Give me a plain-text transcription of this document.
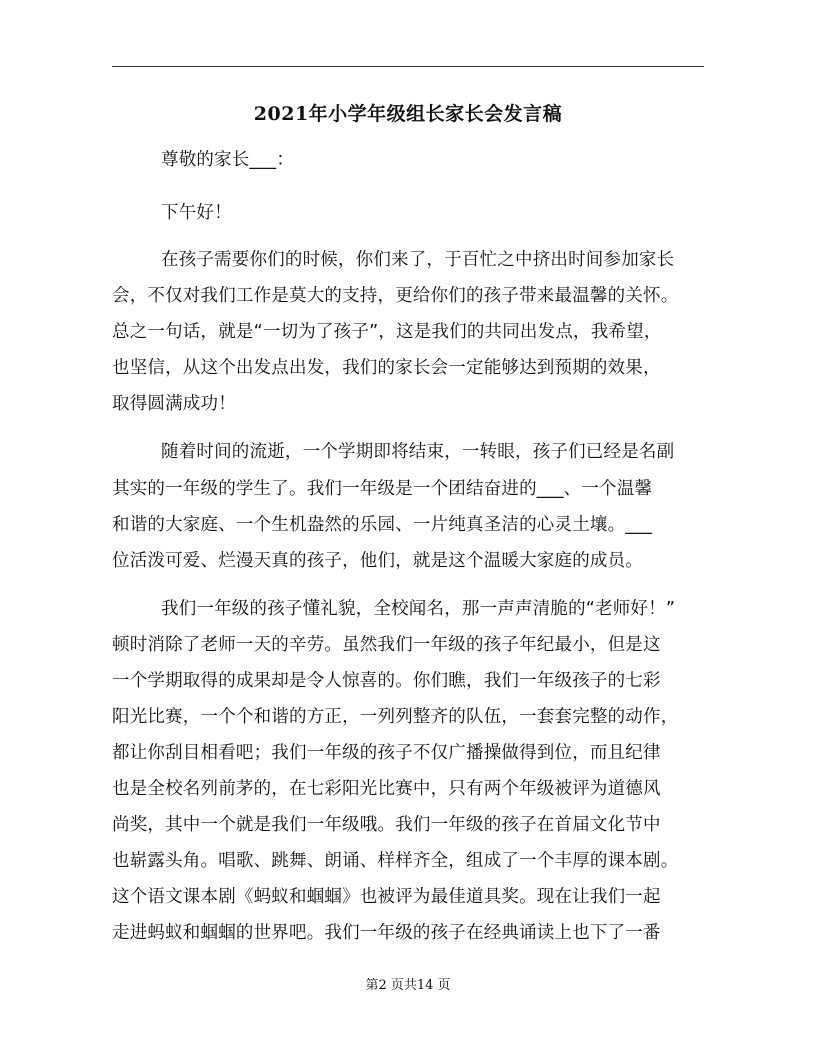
2021年小学年级组长家长会发言稿
尊敬的家长___：
下午好！
在孩子需要你们的时候，你们来了，于百忙之中挤出时间参加家长
会，不仅对我们工作是莫大的支持，更给你们的孩子带来最温馨的关怀。
总之一句话，就是“一切为了孩子”，这是我们的共同出发点，我希望，
也坚信，从这个出发点出发，我们的家长会一定能够达到预期的效果，
取得圆满成功！
随着时间的流逝，一个学期即将结束，一转眼，孩子们已经是名副
其实的一年级的学生了。我们一年级是一个团结奋进的___、一个温馨
和谐的大家庭、一个生机盎然的乐园、一片纯真圣洁的心灵土壤。___
位活泼可爱、烂漫天真的孩子，他们，就是这个温暖大家庭的成员。
我们一年级的孩子懂礼貌，全校闻名，那一声声清脆的“老师好！”
顿时消除了老师一天的辛劳。虽然我们一年级的孩子年纪最小，但是这
一个学期取得的成果却是令人惊喜的。你们瞧，我们一年级孩子的七彩
阳光比赛，一个个和谐的方正，一列列整齐的队伍，一套套完整的动作，
都让你刮目相看吧；我们一年级的孩子不仅广播操做得到位，而且纪律
也是全校名列前茅的，在七彩阳光比赛中，只有两个年级被评为道德风
尚奖，其中一个就是我们一年级哦。我们一年级的孩子在首届文化节中
也崭露头角。唱歌、跳舞、朗诵、样样齐全，组成了一个丰厚的课本剧。
这个语文课本剧《蚂蚁和蝈蝈》也被评为最佳道具奖。现在让我们一起
走进蚂蚁和蝈蝈的世界吧。我们一年级的孩子在经典诵读上也下了一番
第2 页共14 页
